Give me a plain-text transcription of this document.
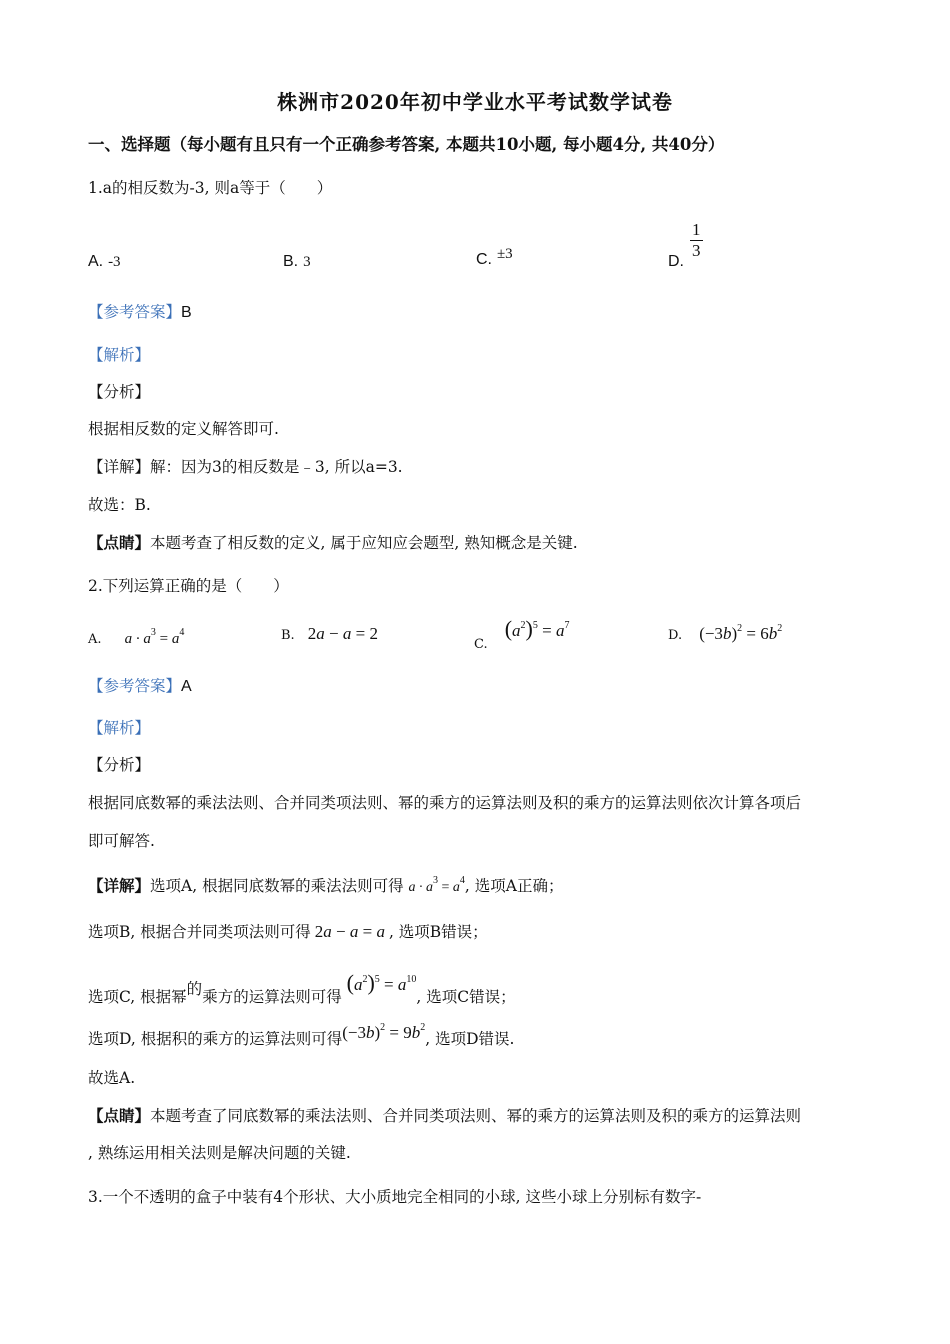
株洲市2020年初中学业水平考试数学试卷
一、选择题（每小题有且只有一个正确参考答案, 本题共10小题, 每小题4分, 共40分）
1.a的相反数为-3, 则a等于（　　）
A. -3	B. 3	C. ±3	D.
$\frac{1}{3}$
【参考答案】B
【解析】
【分析】
根据相反数的定义解答即可.
【详解】解：因为3的相反数是﹣3, 所以a=3.
故选：B.
【点睛】本题考查了相反数的定义, 属于应知应会题型, 熟知概念是关键.
2.下列运算正确的是（　　）
A. $a \cdot a^3 = a^4$	B. 2a − a = 2
$_{C.}$ $(a^2)^5 = a^7$
D. $(-3b)^2 = 6b^2$
【参考答案】A
【解析】
【分析】
根据同底数幂的乘法法则、合并同类项法则、幂的乘方的运算法则及积的乘方的运算法则依次计算各项后
即可解答.
【详解】选项A, 根据同底数幂的乘法法则可得 $a \cdot a^3 = a^4$, 选项A正确；
选项B, 根据合并同类项法则可得 2a − a = a , 选项B错误；
选项C, 根据幂的乘方的运算法则可得 $(a^2)^5 = a^{10}$, 选项C错误；
选项D, 根据积的乘方的运算法则可得$(-3b)^2 = 9b^2$, 选项D错误.
故选A.
【点睛】本题考查了同底数幂的乘法法则、合并同类项法则、幂的乘方的运算法则及积的乘方的运算法则
, 熟练运用相关法则是解决问题的关键.
3.一个不透明的盒子中装有4个形状、大小质地完全相同的小球, 这些小球上分别标有数字-
